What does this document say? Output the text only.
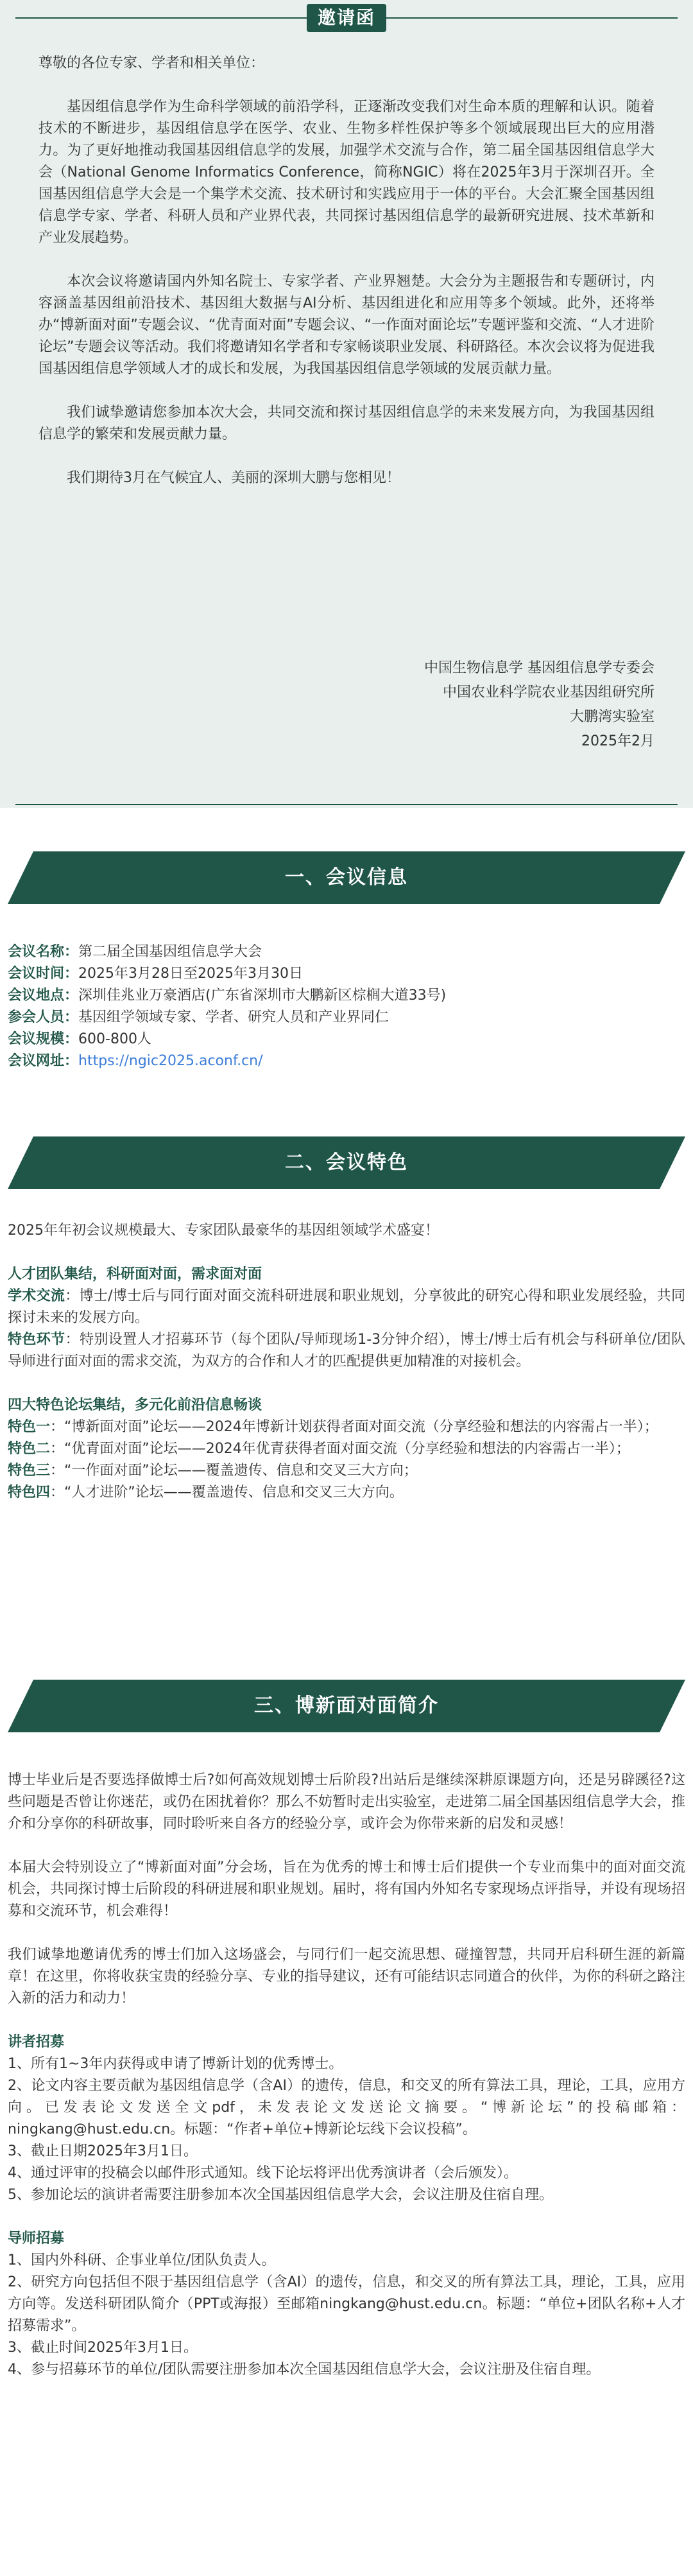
邀请函

尊敬的各位专家、学者和相关单位：

基因组信息学作为生命科学领域的前沿学科，正逐渐改变我们对生命本质的理解和认识。随着技术的不断进步，基因组信息学在医学、农业、生物多样性保护等多个领域展现出巨大的应用潜力。为了更好地推动我国基因组信息学的发展，加强学术交流与合作，第二届全国基因组信息学大会（National Genome Informatics Conference，简称NGIC）将在2025年3月于深圳召开。全国基因组信息学大会是一个集学术交流、技术研讨和实践应用于一体的平台。大会汇聚全国基因组信息学专家、学者、科研人员和产业界代表，共同探讨基因组信息学的最新研究进展、技术革新和产业发展趋势。

本次会议将邀请国内外知名院士、专家学者、产业界翘楚。大会分为主题报告和专题研讨，内容涵盖基因组前沿技术、基因组大数据与AI分析、基因组进化和应用等多个领域。此外，还将举办“博新面对面”专题会议、“优青面对面”专题会议、“一作面对面论坛”专题评鉴和交流、“人才进阶论坛”专题会议等活动。我们将邀请知名学者和专家畅谈职业发展、科研路径。本次会议将为促进我国基因组信息学领域人才的成长和发展，为我国基因组信息学领域的发展贡献力量。

我们诚挚邀请您参加本次大会，共同交流和探讨基因组信息学的未来发展方向，为我国基因组信息学的繁荣和发展贡献力量。

我们期待3月在气候宜人、美丽的深圳大鹏与您相见！

中国生物信息学 基因组信息学专委会
中国农业科学院农业基因组研究所
大鹏湾实验室
2025年2月
一、会议信息

会议名称：第二届全国基因组信息学大会

会议时间：2025年3月28日至2025年3月30日

会议地点：深圳佳兆业万豪酒店(广东省深圳市大鹏新区棕榈大道33号)

参会人员：基因组学领域专家、学者、研究人员和产业界同仁

会议规模：600-800人

会议网址：https://ngic2025.aconf.cn/

二、会议特色

2025年年初会议规模最大、专家团队最豪华的基因组领域学术盛宴！

人才团队集结，科研面对面，需求面对面

学术交流：博士/博士后与同行面对面交流科研进展和职业规划，分享彼此的研究心得和职业发展经验，共同探讨未来的发展方向。

特色环节：特别设置人才招募环节（每个团队/导师现场1-3分钟介绍），博士/博士后有机会与科研单位/团队导师进行面对面的需求交流，为双方的合作和人才的匹配提供更加精准的对接机会。

四大特色论坛集结，多元化前沿信息畅谈

特色一：“博新面对面”论坛——2024年博新计划获得者面对面交流（分享经验和想法的内容需占一半）；

特色二：“优青面对面”论坛——2024年优青获得者面对面交流（分享经验和想法的内容需占一半）；

特色三：“一作面对面”论坛——覆盖遗传、信息和交叉三大方向；

特色四：“人才进阶”论坛——覆盖遗传、信息和交叉三大方向。

三、博新面对面简介

博士毕业后是否要选择做博士后?如何高效规划博士后阶段?出站后是继续深耕原课题方向，还是另辟蹊径?这些问题是否曾让你迷茫，或仍在困扰着你？那么不妨暂时走出实验室，走进第二届全国基因组信息学大会，推介和分享你的科研故事，同时聆听来自各方的经验分享，或许会为你带来新的启发和灵感！

本届大会特别设立了“博新面对面”分会场，旨在为优秀的博士和博士后们提供一个专业而集中的面对面交流机会，共同探讨博士后阶段的科研进展和职业规划。届时，将有国内外知名专家现场点评指导，并设有现场招募和交流环节，机会难得！

我们诚挚地邀请优秀的博士们加入这场盛会，与同行们一起交流思想、碰撞智慧，共同开启科研生涯的新篇章！在这里，你将收获宝贵的经验分享、专业的指导建议，还有可能结识志同道合的伙伴，为你的科研之路注入新的活力和动力！

讲者招募

1、所有1~3年内获得或申请了博新计划的优秀博士。

2、论文内容主要贡献为基因组信息学（含AI）的遗传，信息，和交叉的所有算法工具，理论，工具，应用方向。已发表论文发送全文pdf，未发表论文发送论文摘要。“博新论坛”的投稿邮箱：ningkang@hust.edu.cn。标题：“作者+单位+博新论坛线下会议投稿”。

3、截止日期2025年3月1日。

4、通过评审的投稿会以邮件形式通知。线下论坛将评出优秀演讲者（会后颁发）。

5、参加论坛的演讲者需要注册参加本次全国基因组信息学大会，会议注册及住宿自理。

导师招募

1、国内外科研、企事业单位/团队负责人。

2、研究方向包括但不限于基因组信息学（含AI）的遗传，信息，和交叉的所有算法工具，理论，工具，应用方向等。发送科研团队简介（PPT或海报）至邮箱ningkang@hust.edu.cn。标题：“单位+团队名称+人才招募需求”。

3、截止时间2025年3月1日。

4、参与招募环节的单位/团队需要注册参加本次全国基因组信息学大会，会议注册及住宿自理。
